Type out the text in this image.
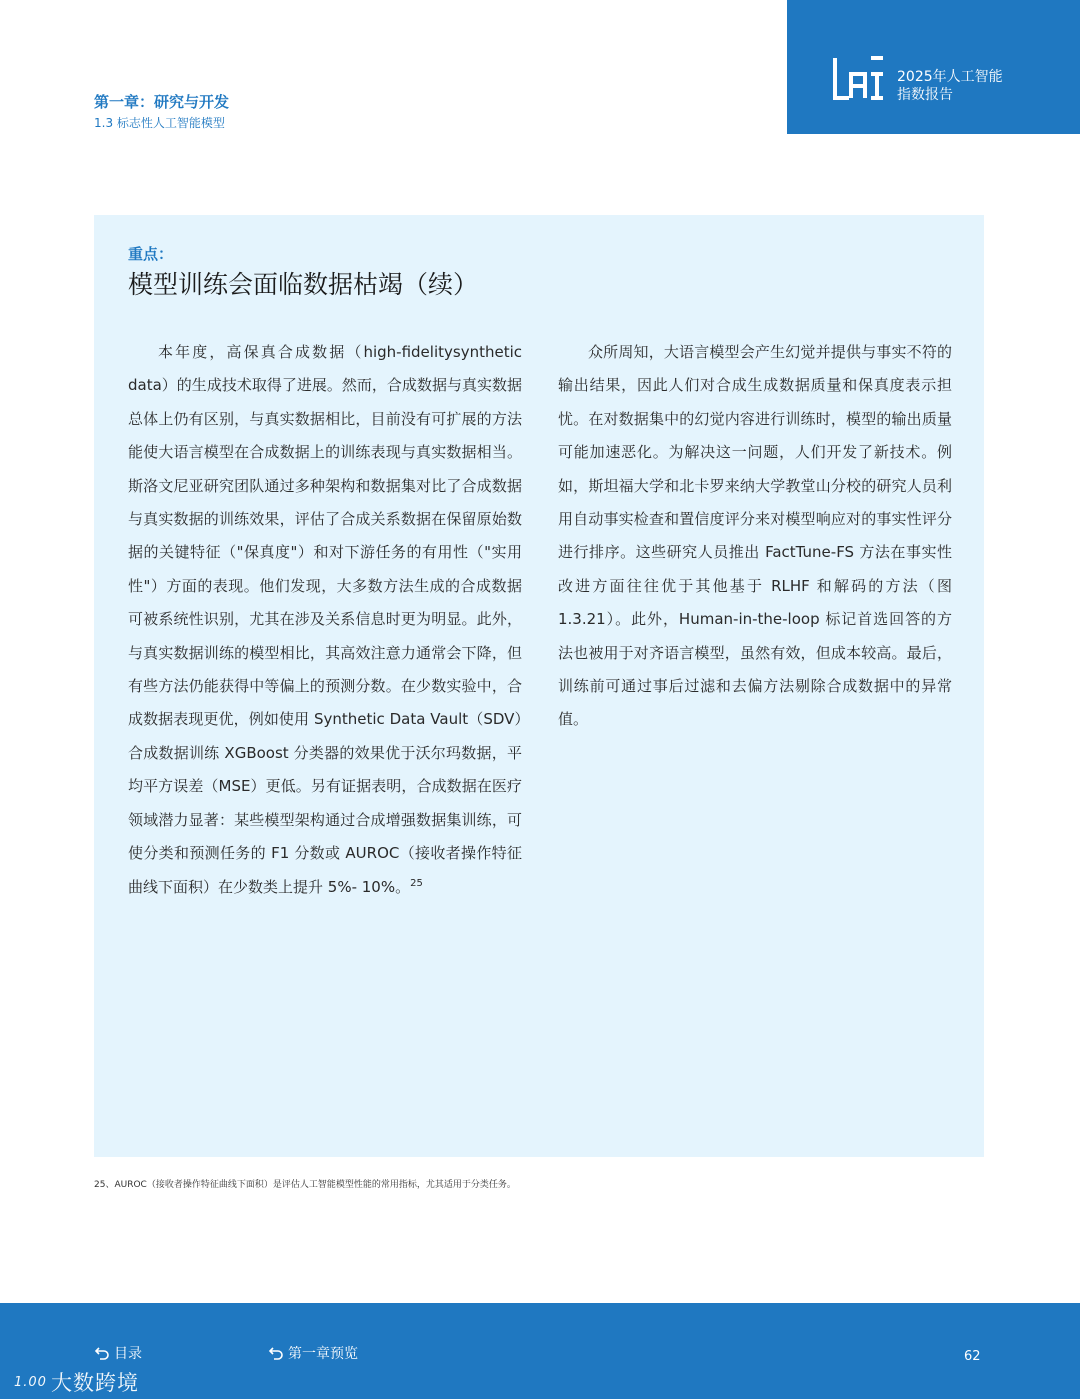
2025年人工智能
指数报告
第一章：研究与开发
1.3 标志性人工智能模型
重点：
模型训练会面临数据枯竭（续）
本年度，高保真合成数据（high-fidelitysynthetic data）的生成技术取得了进展。然而，合成数据与真实数据总体上仍有区别，与真实数据相比，目前没有可扩展的方法能使大语言模型在合成数据上的训练表现与真实数据相当。斯洛文尼亚研究团队通过多种架构和数据集对比了合成数据与真实数据的训练效果，评估了合成关系数据在保留原始数据的关键特征（"保真度"）和对下游任务的有用性（"实用性"）方面的表现。他们发现，大多数方法生成的合成数据可被系统性识别，尤其在涉及关系信息时更为明显。此外，与真实数据训练的模型相比，其高效注意力通常会下降，但有些方法仍能获得中等偏上的预测分数。在少数实验中，合成数据表现更优，例如使用 Synthetic Data Vault（SDV）合成数据训练 XGBoost 分类器的效果优于沃尔玛数据，平均平方误差（MSE）更低。另有证据表明，合成数据在医疗领域潜力显著：某些模型架构通过合成增强数据集训练，可使分类和预测任务的 F1 分数或 AUROC（接收者操作特征曲线下面积）在少数类上提升 5%- 10%。$^{25}$
众所周知，大语言模型会产生幻觉并提供与事实不符的输出结果，因此人们对合成生成数据质量和保真度表示担忧。在对数据集中的幻觉内容进行训练时，模型的输出质量可能加速恶化。为解决这一问题，人们开发了新技术。例如，斯坦福大学和北卡罗来纳大学教堂山分校的研究人员利用自动事实检查和置信度评分来对模型响应对的事实性评分进行排序。这些研究人员推出 FactTune-FS 方法在事实性改进方面往往优于其他基于 RLHF 和解码的方法（图 1.3.21）。此外，Human-in-the-loop 标记首选回答的方法也被用于对齐语言模型，虽然有效，但成本较高。最后，训练前可通过事后过滤和去偏方法剔除合成数据中的异常值。
25、AUROC（接收者操作特征曲线下面积）是评估人工智能模型性能的常用指标，尤其适用于分类任务。
目录	第一章预览	62
1.00 大数跨境
